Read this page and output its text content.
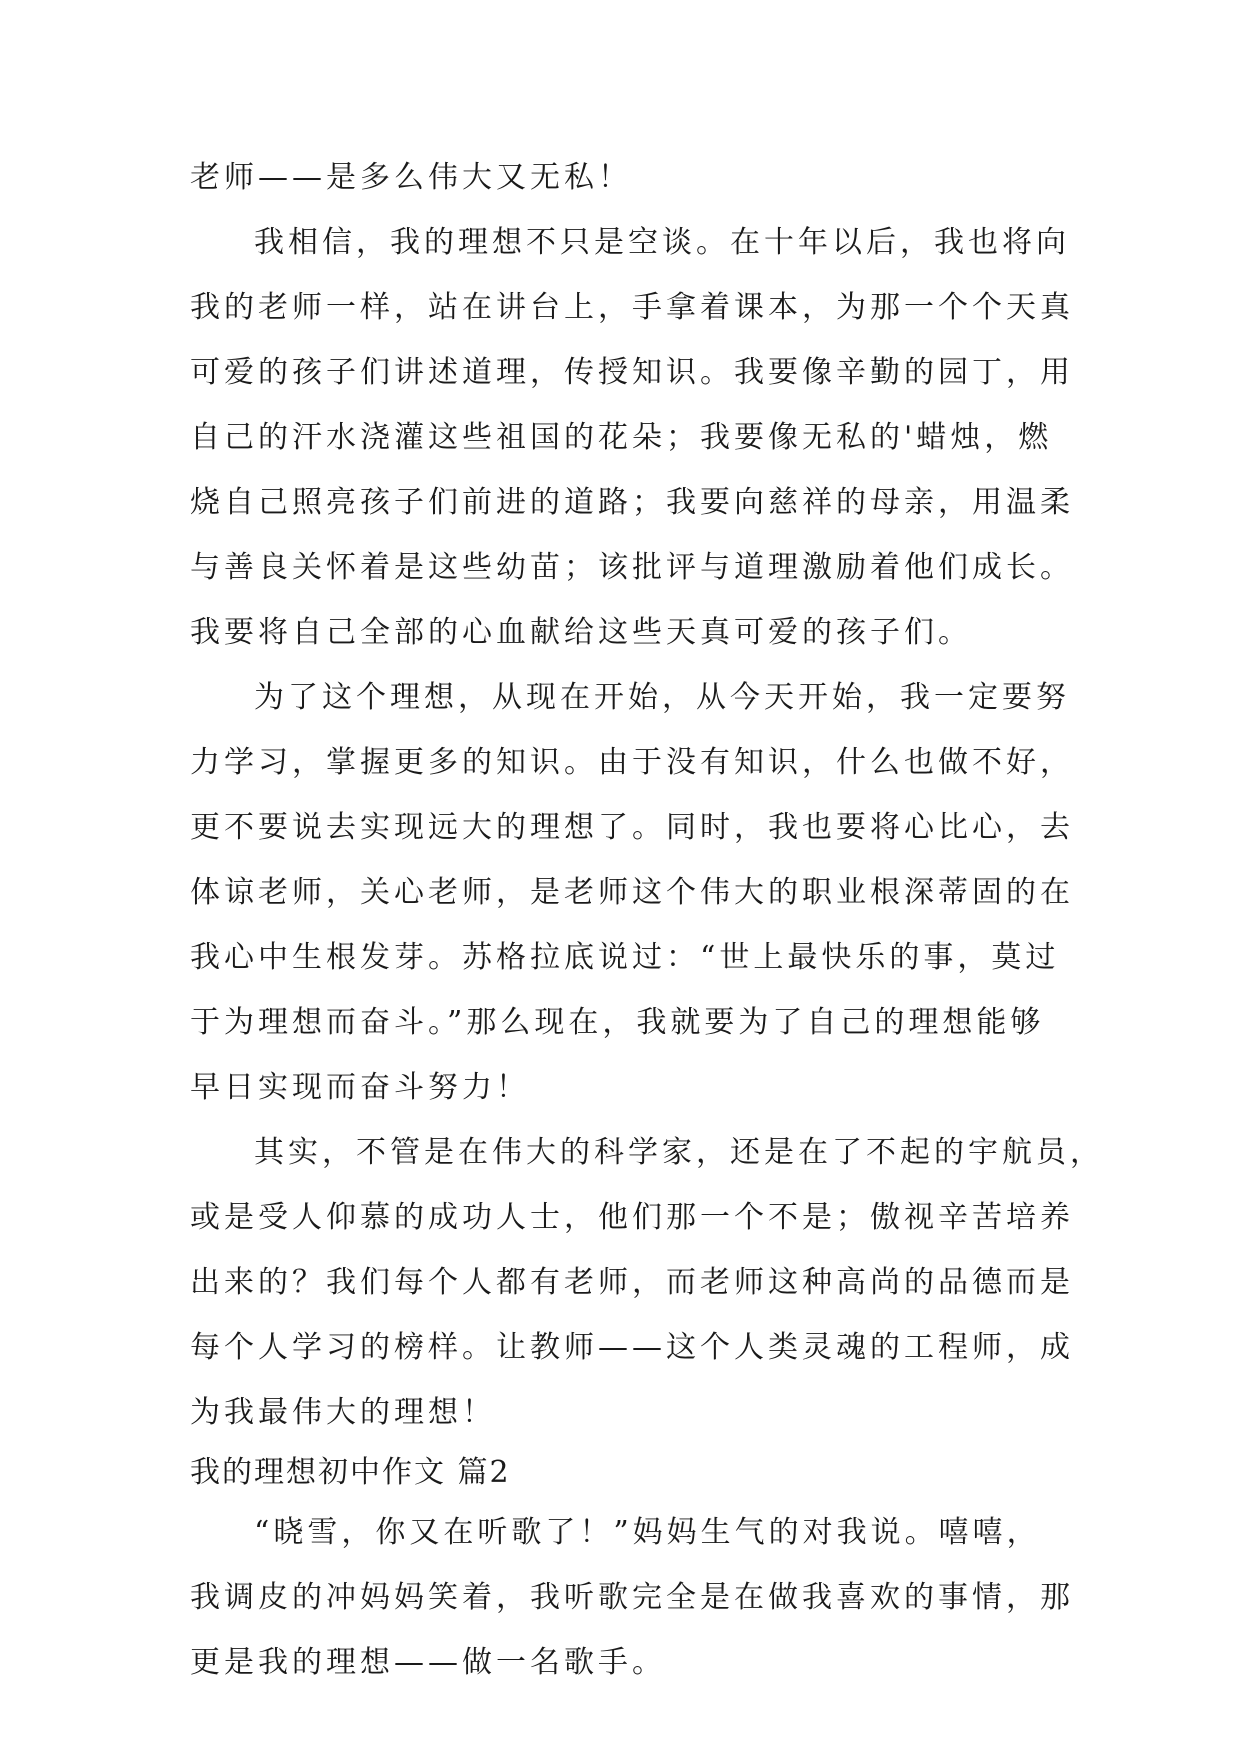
老师——是多么伟大又无私！
我相信，我的理想不只是空谈。在十年以后，我也将向
我的老师一样，站在讲台上，手拿着课本，为那一个个天真
可爱的孩子们讲述道理，传授知识。我要像辛勤的园丁，用
自己的汗水浇灌这些祖国的花朵；我要像无私的'蜡烛，燃
烧自己照亮孩子们前进的道路；我要向慈祥的母亲，用温柔
与善良关怀着是这些幼苗；该批评与道理激励着他们成长。
我要将自己全部的心血献给这些天真可爱的孩子们。
为了这个理想，从现在开始，从今天开始，我一定要努
力学习，掌握更多的知识。由于没有知识，什么也做不好，
更不要说去实现远大的理想了。同时，我也要将心比心，去
体谅老师，关心老师，是老师这个伟大的职业根深蒂固的在
我心中生根发芽。苏格拉底说过：“世上最快乐的事，莫过
于为理想而奋斗。”那么现在，我就要为了自己的理想能够
早日实现而奋斗努力！
其实，不管是在伟大的科学家，还是在了不起的宇航员，
或是受人仰慕的成功人士，他们那一个不是；傲视辛苦培养
出来的？我们每个人都有老师，而老师这种高尚的品德而是
每个人学习的榜样。让教师——这个人类灵魂的工程师，成
为我最伟大的理想！
我的理想初中作文 篇2
“晓雪，你又在听歌了！”妈妈生气的对我说。嘻嘻，
我调皮的冲妈妈笑着，我听歌完全是在做我喜欢的事情，那
更是我的理想——做一名歌手。
